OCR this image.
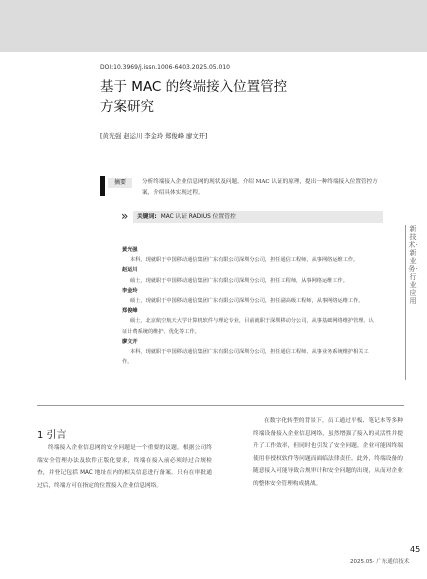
DOI:10.3969/j.issn.1006-6403.2025.05.010
基于 MAC 的终端接入位置管控
方案研究
[黄光强 赵运川 李金玲 郑俊峰 廖文开]
摘要	分析终端接入企业信息网的现状及问题，介绍 MAC 认证的原理，提出一种终端接入位置管控方案，介绍具体实现过程。
»	关键词: MAC 认证 RADIUS 位置管控
黄光强
本科，现就职于中国移动通信集团广东有限公司深圳分公司，担任通信工程师，从事网络运维工作。
赵运川
硕士，现就职于中国移动通信集团广东有限公司深圳分公司，担任工程师，从事网络运维工作。
李金玲
硕士，现就职于中国移动通信集团广东有限公司深圳分公司，担任副高级工程师，从事网络运维工作。
郑俊峰
硕士，北京航空航天大学计算机软件与理论专业，目前就职于深圳移动分公司，从事基础网络维护管理、认证计费系统的维护、优化等工作。
廖文开
本科，现就职于中国移动通信集团广东有限公司深圳分公司，担任通信工程师，从事业务系统维护相关工作。
1 引言
终端接入企业信息网的安全问题是一个重要的议题。根据公司终端安全管理办法及软件正版化要求，终端在接入前必须经过合规检查，并登记包括 MAC 地址在内的相关信息进行备案。只有在审批通过后，终端方可在指定的位置接入企业信息网络。
在数字化转型的背景下，员工通过平板、笔记本等多种终端设备接入企业信息网络，虽然增强了接入的灵活性并提升了工作效率，但同时也引发了安全问题。企业可能因终端使用非授权软件等问题而面临法律责任。此外，终端设备的随意接入可能导致合规审计和安全问题的出现，从而对企业的整体安全管理构成挑战。
新技术·新业务·行业应用
45
2025.05· 广东通信技术
